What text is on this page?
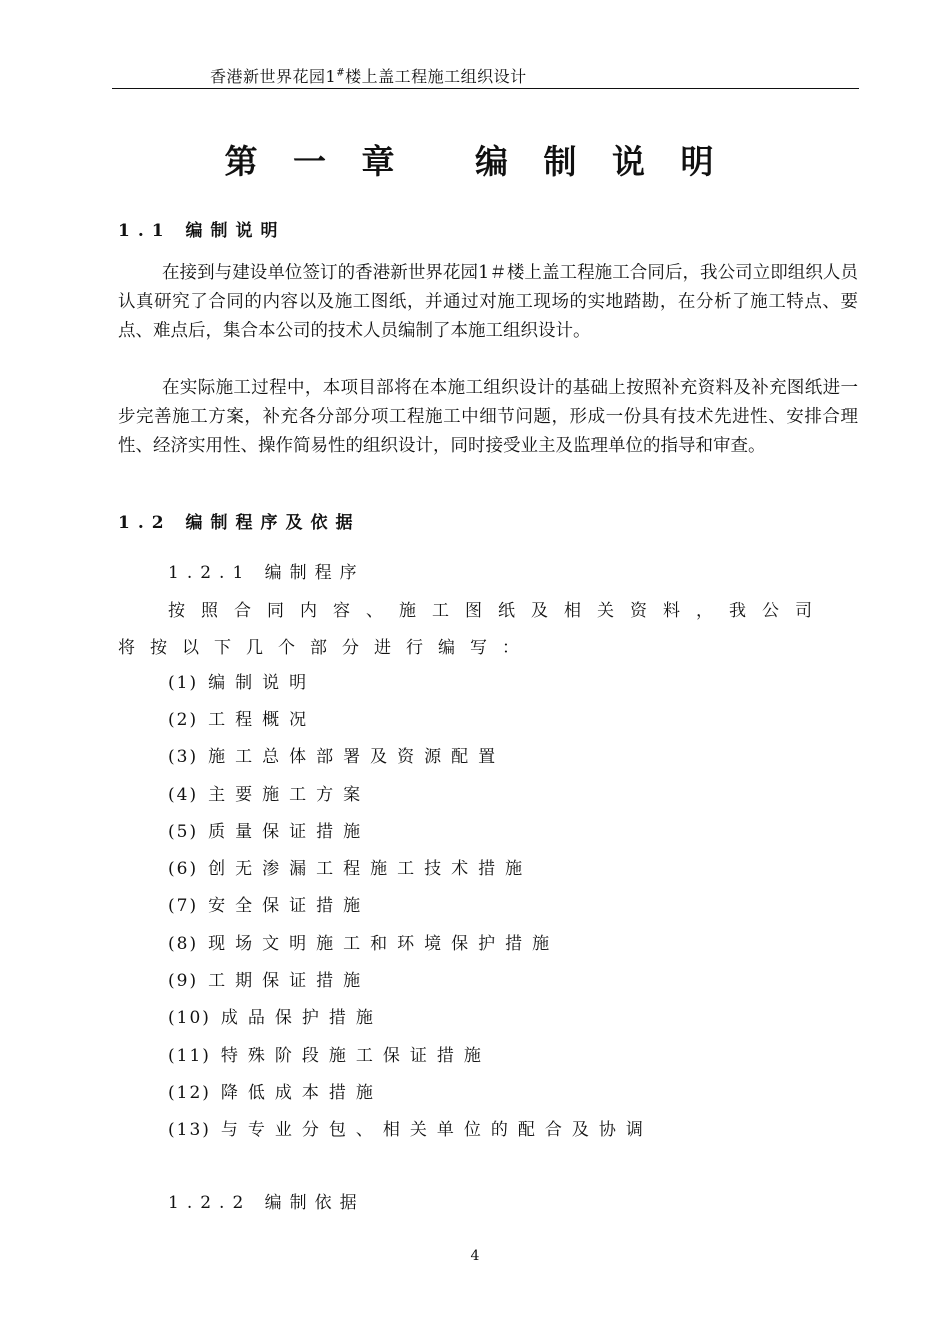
香港新世界花园1#楼上盖工程施工组织设计
第 一 章　 编 制 说 明
1.1 编制说明

在接到与建设单位签订的香港新世界花园1＃楼上盖工程施工合同后，我公司立即组织人员认真研究了合同的内容以及施工图纸，并通过对施工现场的实地踏勘，在分析了施工特点、要点、难点后，集合本公司的技术人员编制了本施工组织设计。

在实际施工过程中，本项目部将在本施工组织设计的基础上按照补充资料及补充图纸进一步完善施工方案，补充各分部分项工程施工中细节问题，形成一份具有技术先进性、安排合理性、经济实用性、操作简易性的组织设计，同时接受业主及监理单位的指导和审查。

1.2 编制程序及依据
1.2.1 编制程序
按照合同内容、施工图纸及相关资料，我公司
将按以下几个部分进行编写：
(1) 编制说明
(2) 工程概况
(3) 施工总体部署及资源配置
(4) 主要施工方案
(5) 质量保证措施
(6) 创无渗漏工程施工技术措施
(7) 安全保证措施
(8) 现场文明施工和环境保护措施
(9) 工期保证措施
(10) 成品保护措施
(11) 特殊阶段施工保证措施
(12) 降低成本措施
(13) 与专业分包、相关单位的配合及协调
1.2.2 编制依据
4
